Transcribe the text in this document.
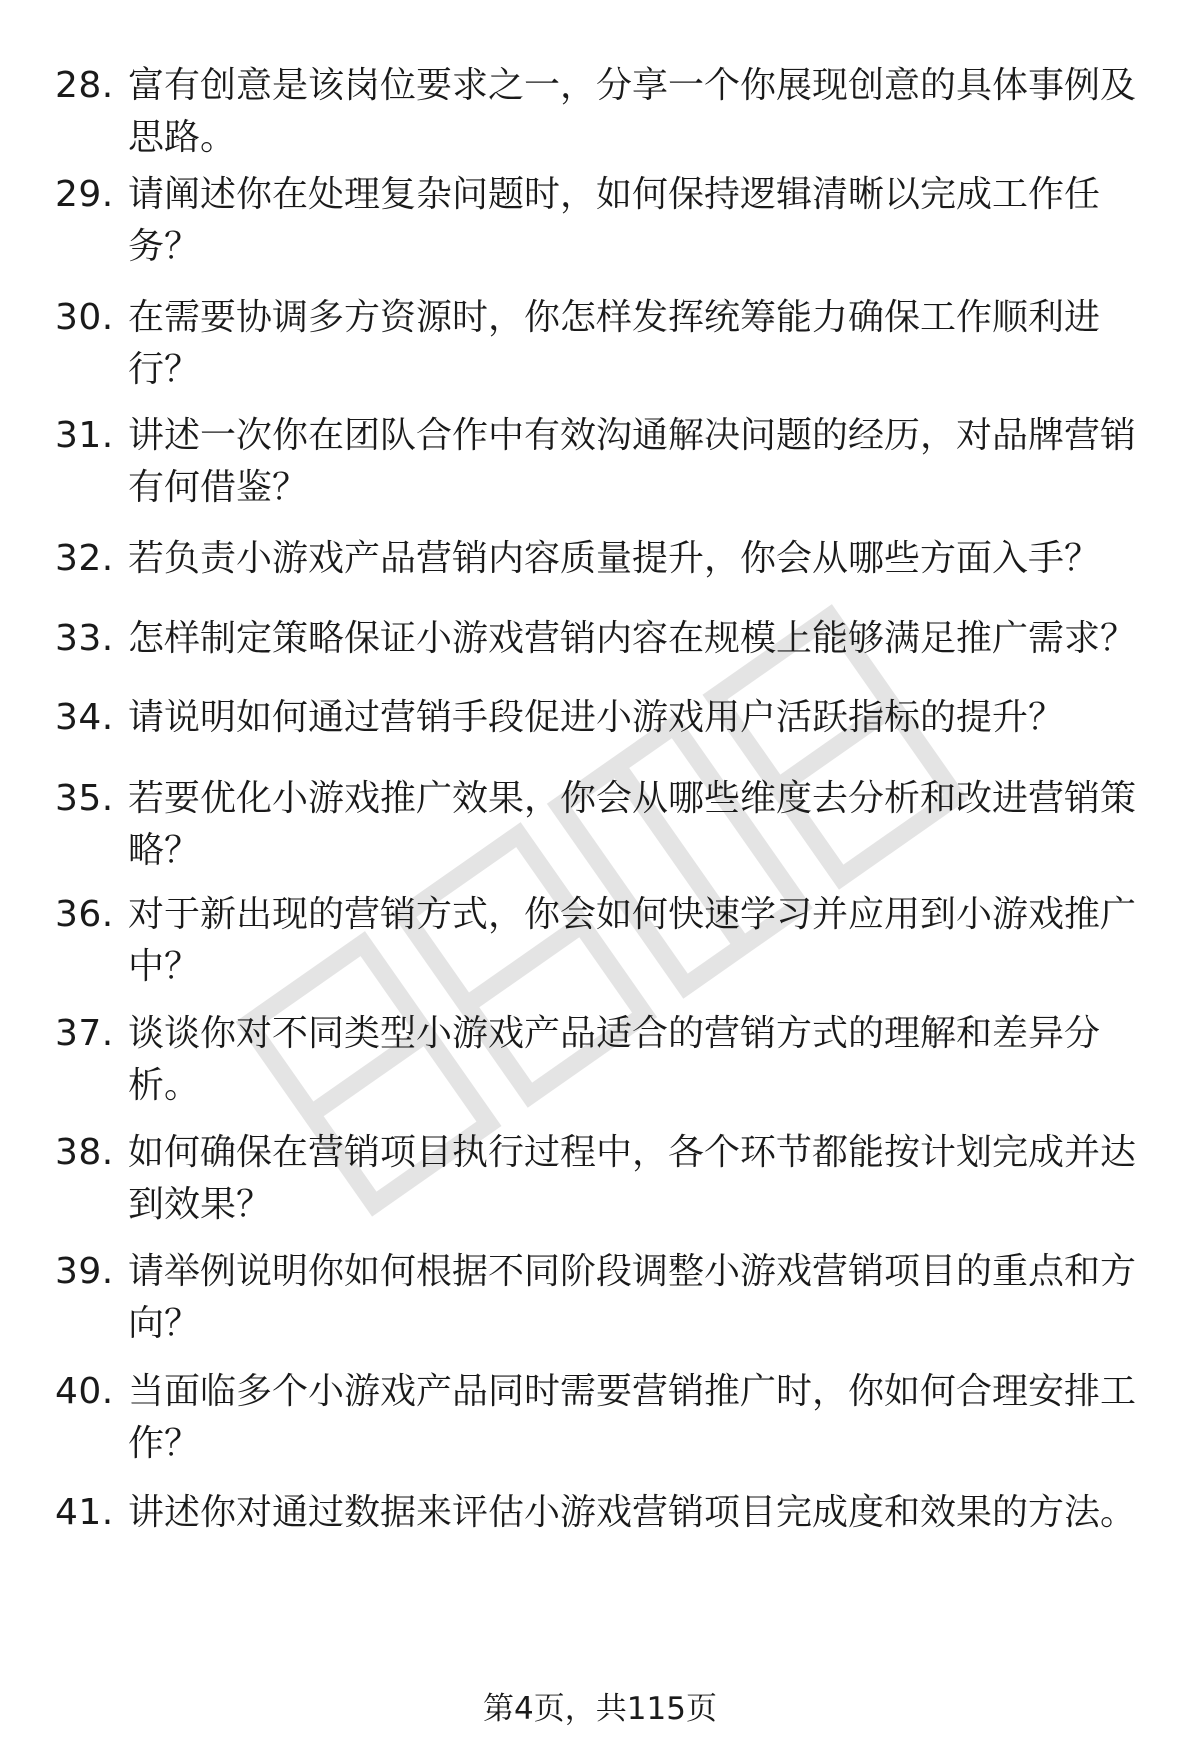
28. 富有创意是该岗位要求之一，分享一个你展现创意的具体事例及思路。
29. 请阐述你在处理复杂问题时，如何保持逻辑清晰以完成工作任务？
30. 在需要协调多方资源时，你怎样发挥统筹能力确保工作顺利进行？
31. 讲述一次你在团队合作中有效沟通解决问题的经历，对品牌营销有何借鉴？
32. 若负责小游戏产品营销内容质量提升，你会从哪些方面入手？
33. 怎样制定策略保证小游戏营销内容在规模上能够满足推广需求？
34. 请说明如何通过营销手段促进小游戏用户活跃指标的提升？
35. 若要优化小游戏推广效果，你会从哪些维度去分析和改进营销策略？
36. 对于新出现的营销方式，你会如何快速学习并应用到小游戏推广中？
37. 谈谈你对不同类型小游戏产品适合的营销方式的理解和差异分析。
38. 如何确保在营销项目执行过程中，各个环节都能按计划完成并达到效果？
39. 请举例说明你如何根据不同阶段调整小游戏营销项目的重点和方向？
40. 当面临多个小游戏产品同时需要营销推广时，你如何合理安排工作？
41. 讲述你对通过数据来评估小游戏营销项目完成度和效果的方法。
第4页，共115页
